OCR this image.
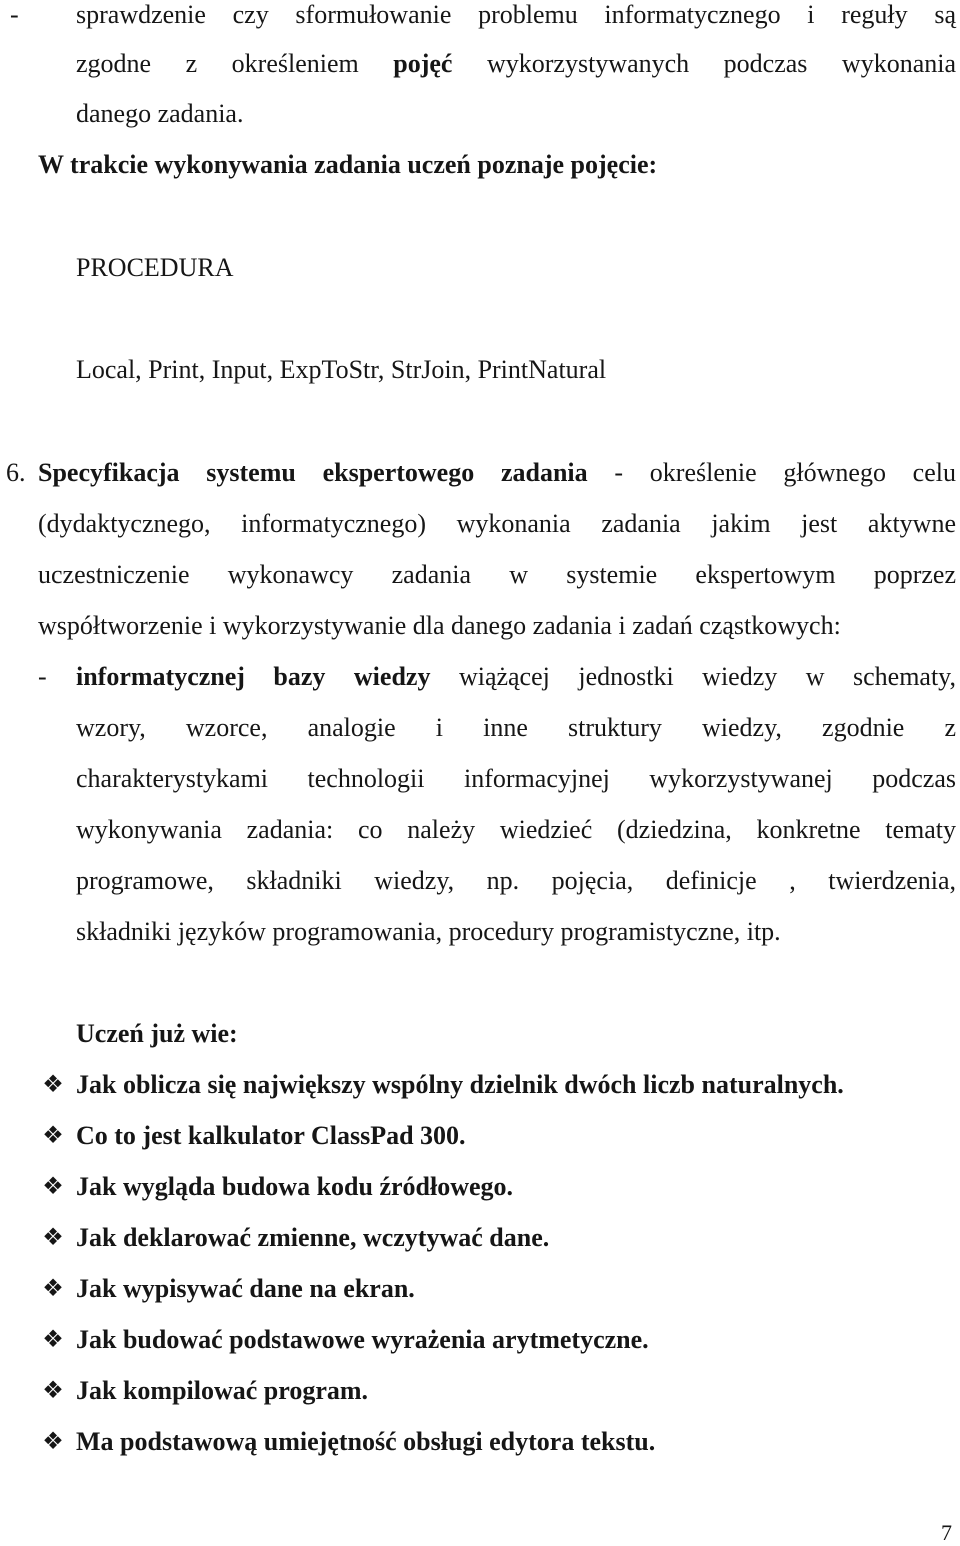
- sprawdzenie czy sformułowanie problemu informatycznego i reguły są
zgodne z określeniem pojęć wykorzystywanych podczas wykonania
danego zadania.
W trakcie wykonywania zadania uczeń poznaje pojęcie:
PROCEDURA
Local, Print, Input, ExpToStr, StrJoin, PrintNatural
6. Specyfikacja systemu ekspertowego zadania - określenie głównego celu
(dydaktycznego, informatycznego) wykonania zadania jakim jest aktywne
uczestniczenie wykonawcy zadania w systemie ekspertowym poprzez
współtworzenie i wykorzystywanie dla danego zadania i zadań cząstkowych:
- informatycznej bazy wiedzy wiążącej jednostki wiedzy w schematy,
wzory, wzorce, analogie i inne struktury wiedzy, zgodnie z
charakterystykami technologii informacyjnej wykorzystywanej podczas
wykonywania zadania: co należy wiedzieć (dziedzina, konkretne tematy
programowe, składniki wiedzy, np. pojęcia, definicje , twierdzenia,
składniki języków programowania, procedury programistyczne, itp.
Uczeń już wie:
❖ Jak oblicza się największy wspólny dzielnik dwóch liczb naturalnych.
❖ Co to jest kalkulator ClassPad 300.
❖ Jak wygląda budowa kodu źródłowego.
❖ Jak deklarować zmienne, wczytywać dane.
❖ Jak wypisywać dane na ekran.
❖ Jak budować podstawowe wyrażenia arytmetyczne.
❖ Jak kompilować program.
❖ Ma podstawową umiejętność obsługi edytora tekstu.
7
